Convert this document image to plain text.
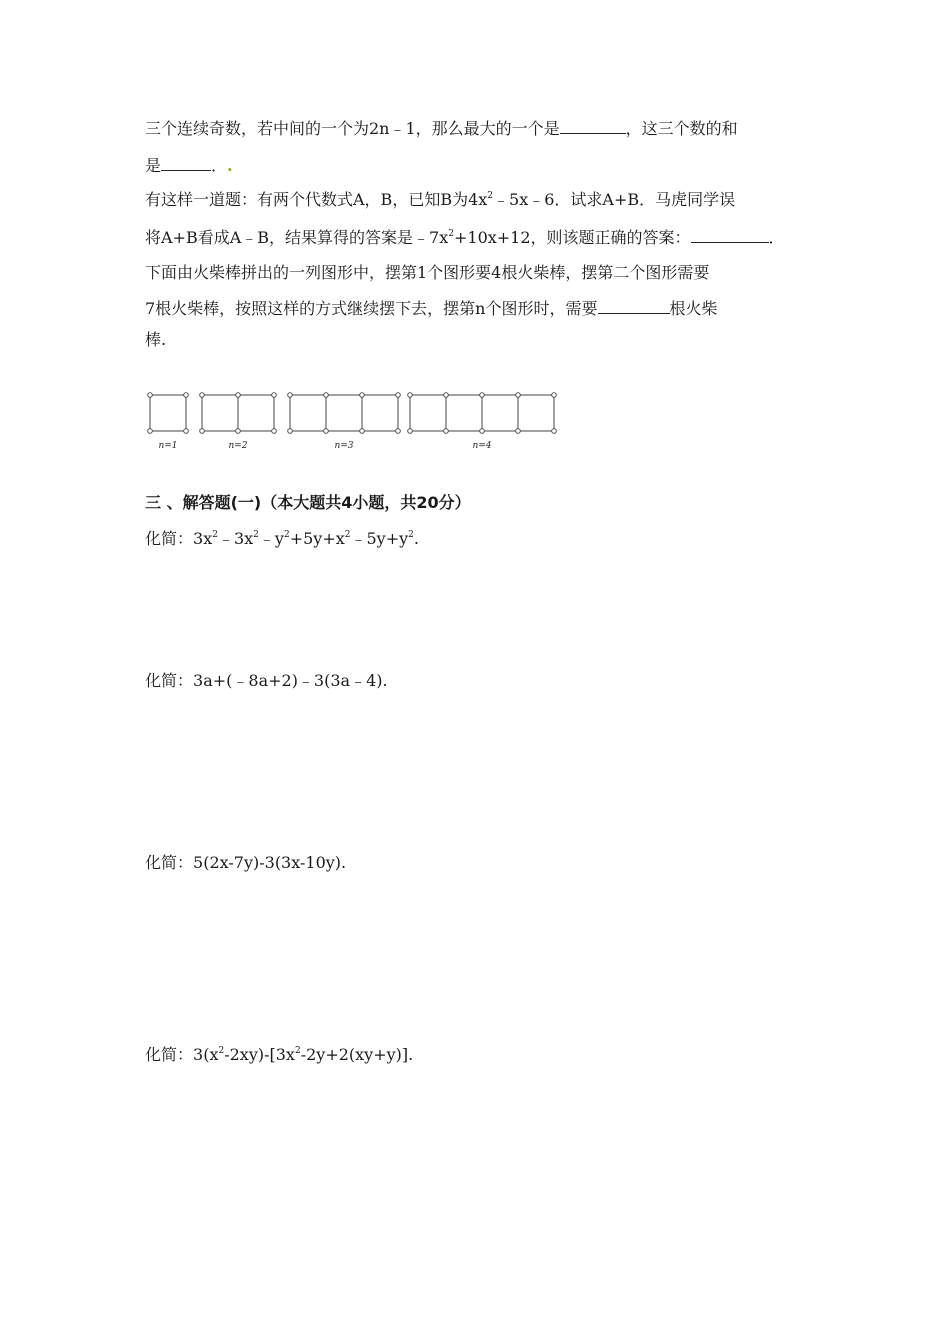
三个连续奇数，若中间的一个为2n﹣1，那么最大的一个是	，这三个数的和
是	．.
有这样一道题：有两个代数式A，B，已知B为$4x^2﹣5x﹣6$．试求A+B．马虎同学误
将A+B看成A﹣B，结果算得的答案是$﹣7x^2+10x+12$，则该题正确的答案：	．
下面由火柴棒拼出的一列图形中，摆第1个图形要4根火柴棒，摆第二个图形需要
7根火柴棒，按照这样的方式继续摆下去，摆第n个图形时，需要	根火柴
棒.
n=1	n=2	n=3	n=4
三 、解答题(一)（本大题共4小题，共20分）
化简：$3x^2﹣3x^2﹣y^2+5y+x^2﹣5y+y^2$.
化简：3a+(﹣8a+2)﹣3(3a﹣4).
化简：5(2x-7y)-3(3x-10y).
化简：$3(x^2-2xy)-[3x^2-2y+2(xy+y)]$.
